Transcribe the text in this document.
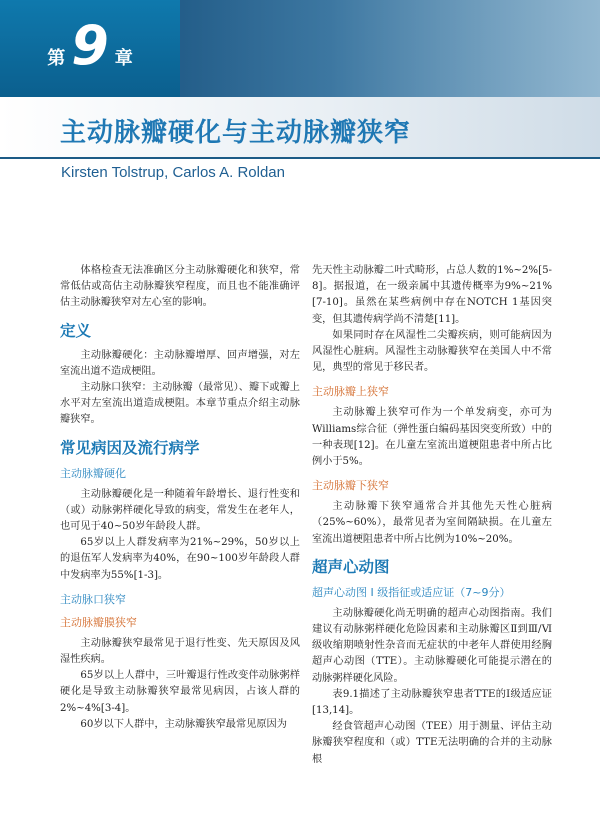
第 9 章
主动脉瓣硬化与主动脉瓣狭窄
Kirsten Tolstrup, Carlos A. Roldan

体格检查无法准确区分主动脉瓣硬化和狭窄，常常低估或高估主动脉瓣狭窄程度，而且也不能准确评估主动脉瓣狭窄对左心室的影响。

定义

主动脉瓣硬化：主动脉瓣增厚、回声增强，对左室流出道不造成梗阻。

主动脉口狭窄：主动脉瓣（最常见）、瓣下或瓣上水平对左室流出道造成梗阻。本章节重点介绍主动脉瓣狭窄。

常见病因及流行病学
主动脉瓣硬化

主动脉瓣硬化是一种随着年龄增长、退行性变和（或）动脉粥样硬化导致的病变，常发生在老年人，也可见于40~50岁年龄段人群。

65岁以上人群发病率为21%~29%，50岁以上的退伍军人发病率为40%，在90~100岁年龄段人群中发病率为55%[1-3]。

主动脉口狭窄
主动脉瓣膜狭窄

主动脉瓣狭窄最常见于退行性变、先天原因及风湿性疾病。

65岁以上人群中，三叶瓣退行性改变伴动脉粥样硬化是导致主动脉瓣狭窄最常见病因，占该人群的2%~4%[3-4]。

60岁以下人群中，主动脉瓣狭窄最常见原因为

先天性主动脉瓣二叶式畸形，占总人数的1%~2%[5-8]。据报道，在一级亲属中其遗传概率为9%~21%[7-10]。虽然在某些病例中存在NOTCH 1基因突变，但其遗传病学尚不清楚[11]。

如果同时存在风湿性二尖瓣疾病，则可能病因为风湿性心脏病。风湿性主动脉瓣狭窄在美国人中不常见，典型的常见于移民者。

主动脉瓣上狭窄

主动脉瓣上狭窄可作为一个单发病变，亦可为Williams综合征（弹性蛋白编码基因突变所致）中的一种表现[12]。在儿童左室流出道梗阻患者中所占比例小于5%。

主动脉瓣下狭窄

主动脉瓣下狭窄通常合并其他先天性心脏病（25%~60%），最常见者为室间隔缺损。在儿童左室流出道梗阻患者中所占比例为10%~20%。

超声心动图
超声心动图 I 级指征或适应证（7~9分）

主动脉瓣硬化尚无明确的超声心动图指南。我们建议有动脉粥样硬化危险因素和主动脉瓣区Ⅱ到Ⅲ/Ⅵ级收缩期喷射性杂音而无症状的中老年人群使用经胸超声心动图（TTE）。主动脉瓣硬化可能提示潜在的动脉粥样硬化风险。

表9.1描述了主动脉瓣狭窄患者TTE的I级适应证[13,14]。

经食管超声心动图（TEE）用于测量、评估主动脉瓣狭窄程度和（或）TTE无法明确的合并的主动脉根
